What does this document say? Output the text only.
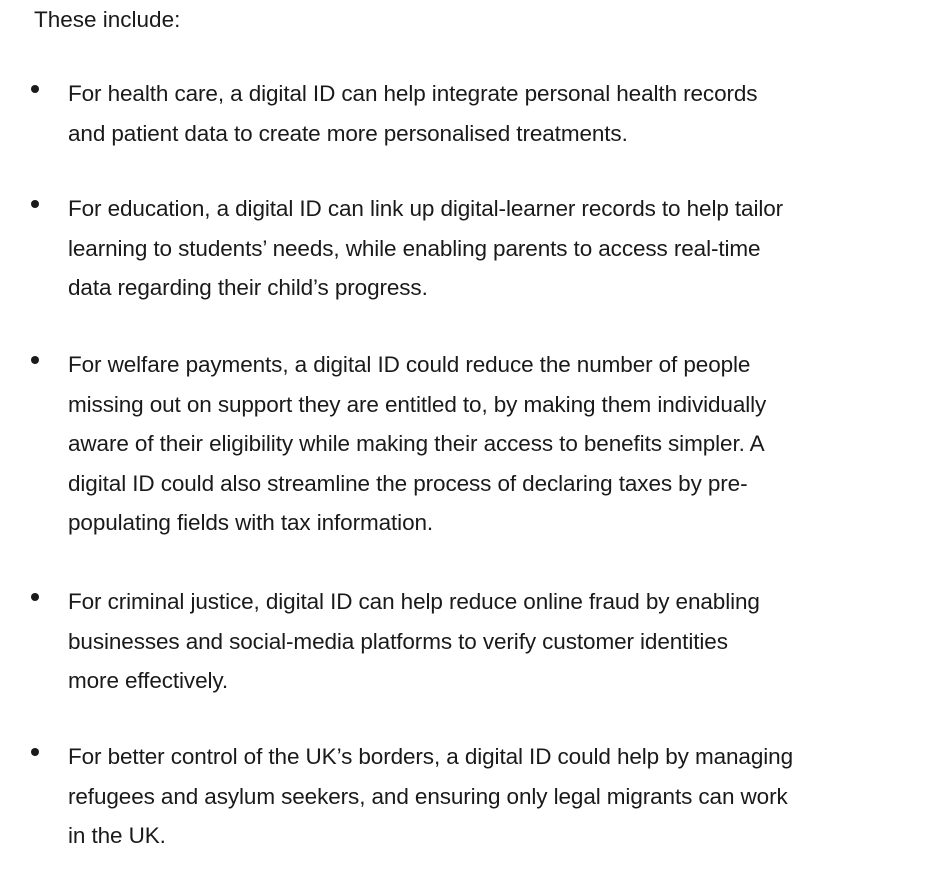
These include:

For health care, a digital ID can help integrate personal health records
and patient data to create more personalised treatments.

For education, a digital ID can link up digital-learner records to help tailor
learning to students’ needs, while enabling parents to access real-time
data regarding their child’s progress.

For welfare payments, a digital ID could reduce the number of people
missing out on support they are entitled to, by making them individually
aware of their eligibility while making their access to benefits simpler. A
digital ID could also streamline the process of declaring taxes by pre-
populating fields with tax information.

For criminal justice, digital ID can help reduce online fraud by enabling
businesses and social-media platforms to verify customer identities
more effectively.

For better control of the UK’s borders, a digital ID could help by managing
refugees and asylum seekers, and ensuring only legal migrants can work
in the UK.
